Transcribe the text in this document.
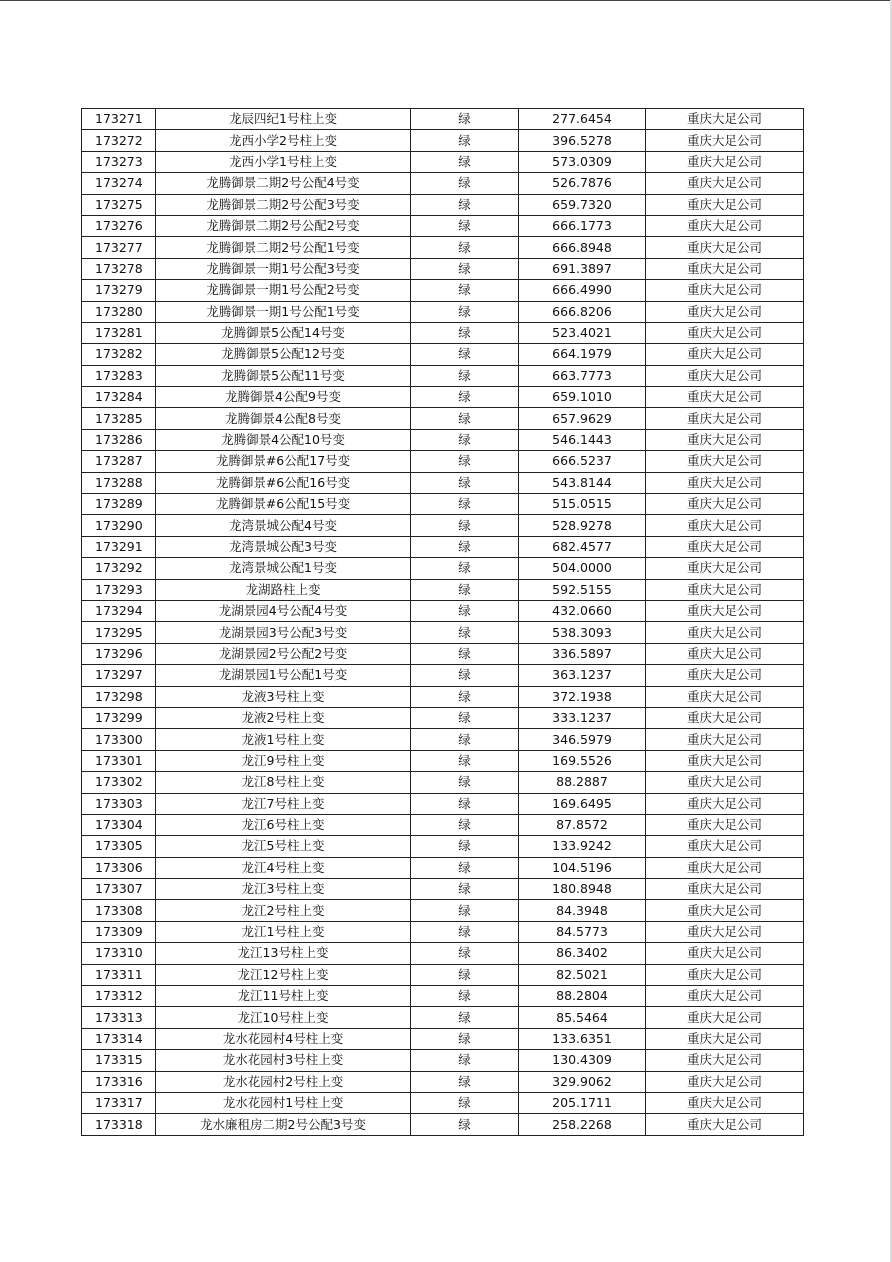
173271	龙辰四纪1号柱上变	绿	277.6454	重庆大足公司
173272	龙西小学2号柱上变	绿	396.5278	重庆大足公司
173273	龙西小学1号柱上变	绿	573.0309	重庆大足公司
173274	龙腾御景二期2号公配4号变	绿	526.7876	重庆大足公司
173275	龙腾御景二期2号公配3号变	绿	659.7320	重庆大足公司
173276	龙腾御景二期2号公配2号变	绿	666.1773	重庆大足公司
173277	龙腾御景二期2号公配1号变	绿	666.8948	重庆大足公司
173278	龙腾御景一期1号公配3号变	绿	691.3897	重庆大足公司
173279	龙腾御景一期1号公配2号变	绿	666.4990	重庆大足公司
173280	龙腾御景一期1号公配1号变	绿	666.8206	重庆大足公司
173281	龙腾御景5公配14号变	绿	523.4021	重庆大足公司
173282	龙腾御景5公配12号变	绿	664.1979	重庆大足公司
173283	龙腾御景5公配11号变	绿	663.7773	重庆大足公司
173284	龙腾御景4公配9号变	绿	659.1010	重庆大足公司
173285	龙腾御景4公配8号变	绿	657.9629	重庆大足公司
173286	龙腾御景4公配10号变	绿	546.1443	重庆大足公司
173287	龙腾御景#6公配17号变	绿	666.5237	重庆大足公司
173288	龙腾御景#6公配16号变	绿	543.8144	重庆大足公司
173289	龙腾御景#6公配15号变	绿	515.0515	重庆大足公司
173290	龙湾景城公配4号变	绿	528.9278	重庆大足公司
173291	龙湾景城公配3号变	绿	682.4577	重庆大足公司
173292	龙湾景城公配1号变	绿	504.0000	重庆大足公司
173293	龙湖路柱上变	绿	592.5155	重庆大足公司
173294	龙湖景园4号公配4号变	绿	432.0660	重庆大足公司
173295	龙湖景园3号公配3号变	绿	538.3093	重庆大足公司
173296	龙湖景园2号公配2号变	绿	336.5897	重庆大足公司
173297	龙湖景园1号公配1号变	绿	363.1237	重庆大足公司
173298	龙液3号柱上变	绿	372.1938	重庆大足公司
173299	龙液2号柱上变	绿	333.1237	重庆大足公司
173300	龙液1号柱上变	绿	346.5979	重庆大足公司
173301	龙江9号柱上变	绿	169.5526	重庆大足公司
173302	龙江8号柱上变	绿	88.2887	重庆大足公司
173303	龙江7号柱上变	绿	169.6495	重庆大足公司
173304	龙江6号柱上变	绿	87.8572	重庆大足公司
173305	龙江5号柱上变	绿	133.9242	重庆大足公司
173306	龙江4号柱上变	绿	104.5196	重庆大足公司
173307	龙江3号柱上变	绿	180.8948	重庆大足公司
173308	龙江2号柱上变	绿	84.3948	重庆大足公司
173309	龙江1号柱上变	绿	84.5773	重庆大足公司
173310	龙江13号柱上变	绿	86.3402	重庆大足公司
173311	龙江12号柱上变	绿	82.5021	重庆大足公司
173312	龙江11号柱上变	绿	88.2804	重庆大足公司
173313	龙江10号柱上变	绿	85.5464	重庆大足公司
173314	龙水花园村4号柱上变	绿	133.6351	重庆大足公司
173315	龙水花园村3号柱上变	绿	130.4309	重庆大足公司
173316	龙水花园村2号柱上变	绿	329.9062	重庆大足公司
173317	龙水花园村1号柱上变	绿	205.1711	重庆大足公司
173318	龙水廉租房二期2号公配3号变	绿	258.2268	重庆大足公司
